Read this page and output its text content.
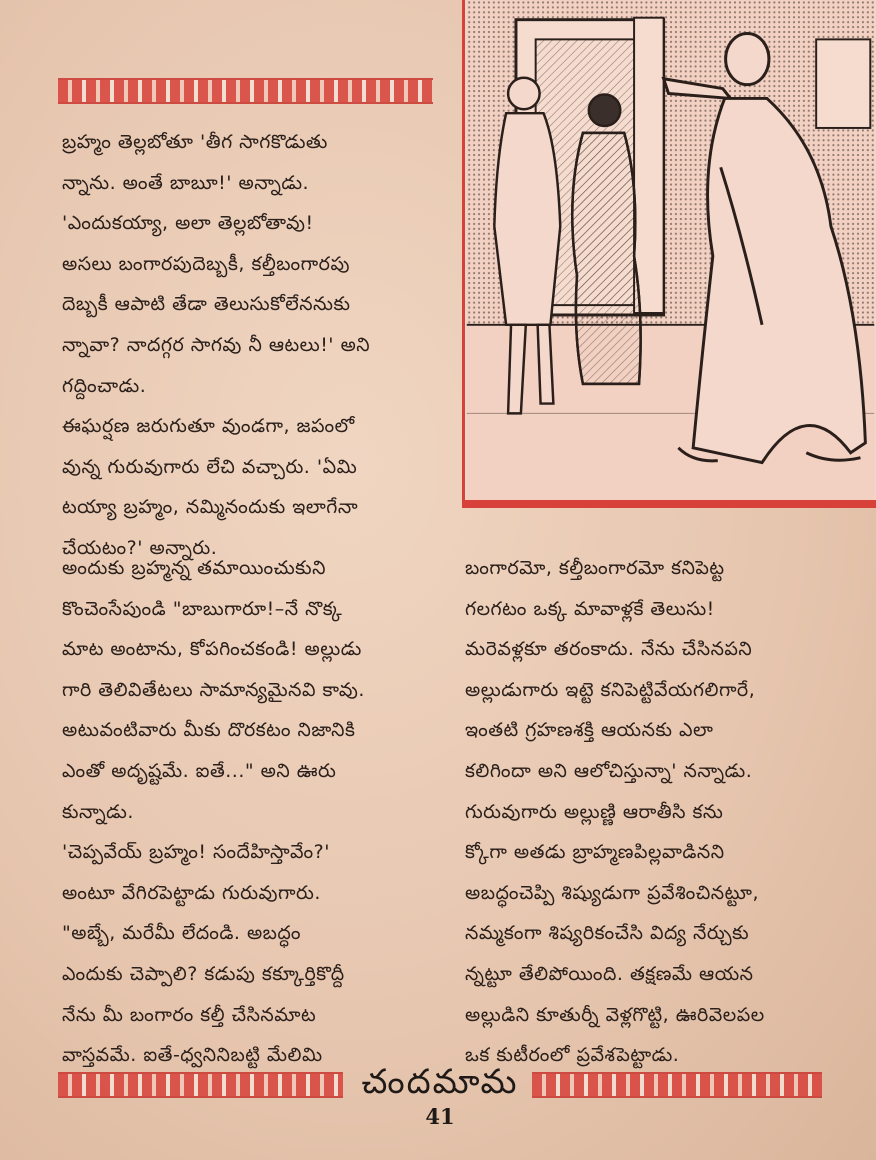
బ్రహ్మం తెల్లబోతూ 'తీగ సాగకొడుతు

న్నాను. అంతే బాబూ!' అన్నాడు.

'ఎందుకయ్యా, అలా తెల్లబోతావు!

అసలు బంగారపుదెబ్బకీ, కల్తీబంగారపు

దెబ్బకీ ఆపాటి తేడా తెలుసుకోలేననుకు

న్నావా? నాదగ్గర సాగవు నీ ఆటలు!' అని

గద్దించాడు.

ఈఘర్షణ జరుగుతూ వుండగా, జపంలో

వున్న గురువుగారు లేచి వచ్చారు. 'ఏమి

టయ్యా బ్రహ్మం, నమ్మినందుకు ఇలాగేనా

చేయటం?' అన్నారు.

అందుకు బ్రహ్మన్న తమాయించుకుని

కొంచెంసేపుండి "బాబుగారూ!–నే నొక్క

మాట అంటాను, కోపగించకండి! అల్లుడు

గారి తెలివితేటలు సామాన్యమైనవి కావు.

అటువంటివారు మీకు దొరకటం నిజానికి

ఎంతో అదృష్టమే. ఐతే..." అని ఊరు

కున్నాడు.

'చెప్పవేయ్ బ్రహ్మం! సందేహిస్తావేం?'

అంటూ వేగిరపెట్టాడు గురువుగారు.

"అబ్బే, మరేమీ లేదండి. అబద్ధం

ఎందుకు చెప్పాలి? కడుపు కక్కూర్తికొద్దీ

నేను మీ బంగారం కల్తీ చేసినమాట

వాస్తవమే. ఐతే-ధ్వనినిబట్టి మేలిమి

బంగారమో, కల్తీబంగారమో కనిపెట్ట

గలగటం ఒక్క మావాళ్లకే తెలుసు!

మరెవళ్లకూ తరంకాదు. నేను చేసినపని

అల్లుడుగారు ఇట్టె కనిపెట్టివేయగలిగారే,

ఇంతటి గ్రహణశక్తి ఆయనకు ఎలా

కలిగిందా అని ఆలోచిస్తున్నా' నన్నాడు.

గురువుగారు అల్లుణ్ణి ఆరాతీసి కను

క్కోగా అతడు బ్రాహ్మణపిల్లవాడినని

అబద్ధంచెప్పి శిష్యుడుగా ప్రవేశించినట్టూ,

నమ్మకంగా శిష్యరికంచేసి విద్య నేర్చుకు

న్నట్టూ తేలిపోయింది. తక్షణమే ఆయన

అల్లుడిని కూతుర్నీ వెళ్లగొట్టి, ఊరివెలపల

ఒక కుటీరంలో ప్రవేశపెట్టాడు.

చందమామ
41
